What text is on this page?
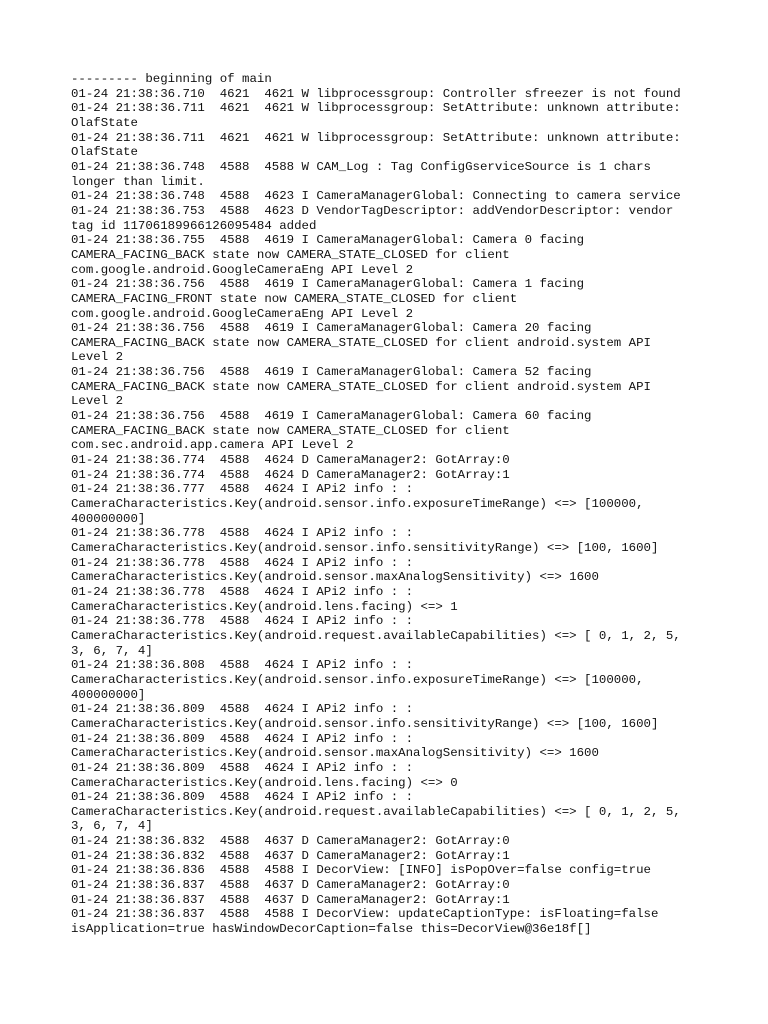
--------- beginning of main
01-24 21:38:36.710  4621  4621 W libprocessgroup: Controller sfreezer is not found
01-24 21:38:36.711  4621  4621 W libprocessgroup: SetAttribute: unknown attribute:
OlafState
01-24 21:38:36.711  4621  4621 W libprocessgroup: SetAttribute: unknown attribute:
OlafState
01-24 21:38:36.748  4588  4588 W CAM_Log : Tag ConfigGserviceSource is 1 chars
longer than limit.
01-24 21:38:36.748  4588  4623 I CameraManagerGlobal: Connecting to camera service
01-24 21:38:36.753  4588  4623 D VendorTagDescriptor: addVendorDescriptor: vendor
tag id 11706189966126095484 added
01-24 21:38:36.755  4588  4619 I CameraManagerGlobal: Camera 0 facing
CAMERA_FACING_BACK state now CAMERA_STATE_CLOSED for client
com.google.android.GoogleCameraEng API Level 2
01-24 21:38:36.756  4588  4619 I CameraManagerGlobal: Camera 1 facing
CAMERA_FACING_FRONT state now CAMERA_STATE_CLOSED for client
com.google.android.GoogleCameraEng API Level 2
01-24 21:38:36.756  4588  4619 I CameraManagerGlobal: Camera 20 facing
CAMERA_FACING_BACK state now CAMERA_STATE_CLOSED for client android.system API
Level 2
01-24 21:38:36.756  4588  4619 I CameraManagerGlobal: Camera 52 facing
CAMERA_FACING_BACK state now CAMERA_STATE_CLOSED for client android.system API
Level 2
01-24 21:38:36.756  4588  4619 I CameraManagerGlobal: Camera 60 facing
CAMERA_FACING_BACK state now CAMERA_STATE_CLOSED for client
com.sec.android.app.camera API Level 2
01-24 21:38:36.774  4588  4624 D CameraManager2: GotArray:0
01-24 21:38:36.774  4588  4624 D CameraManager2: GotArray:1
01-24 21:38:36.777  4588  4624 I APi2 info : :
CameraCharacteristics.Key(android.sensor.info.exposureTimeRange) <=> [100000,
400000000]
01-24 21:38:36.778  4588  4624 I APi2 info : :
CameraCharacteristics.Key(android.sensor.info.sensitivityRange) <=> [100, 1600]
01-24 21:38:36.778  4588  4624 I APi2 info : :
CameraCharacteristics.Key(android.sensor.maxAnalogSensitivity) <=> 1600
01-24 21:38:36.778  4588  4624 I APi2 info : :
CameraCharacteristics.Key(android.lens.facing) <=> 1
01-24 21:38:36.778  4588  4624 I APi2 info : :
CameraCharacteristics.Key(android.request.availableCapabilities) <=> [ 0, 1, 2, 5,
3, 6, 7, 4]
01-24 21:38:36.808  4588  4624 I APi2 info : :
CameraCharacteristics.Key(android.sensor.info.exposureTimeRange) <=> [100000,
400000000]
01-24 21:38:36.809  4588  4624 I APi2 info : :
CameraCharacteristics.Key(android.sensor.info.sensitivityRange) <=> [100, 1600]
01-24 21:38:36.809  4588  4624 I APi2 info : :
CameraCharacteristics.Key(android.sensor.maxAnalogSensitivity) <=> 1600
01-24 21:38:36.809  4588  4624 I APi2 info : :
CameraCharacteristics.Key(android.lens.facing) <=> 0
01-24 21:38:36.809  4588  4624 I APi2 info : :
CameraCharacteristics.Key(android.request.availableCapabilities) <=> [ 0, 1, 2, 5,
3, 6, 7, 4]
01-24 21:38:36.832  4588  4637 D CameraManager2: GotArray:0
01-24 21:38:36.832  4588  4637 D CameraManager2: GotArray:1
01-24 21:38:36.836  4588  4588 I DecorView: [INFO] isPopOver=false config=true
01-24 21:38:36.837  4588  4637 D CameraManager2: GotArray:0
01-24 21:38:36.837  4588  4637 D CameraManager2: GotArray:1
01-24 21:38:36.837  4588  4588 I DecorView: updateCaptionType: isFloating=false
isApplication=true hasWindowDecorCaption=false this=DecorView@36e18f[]
